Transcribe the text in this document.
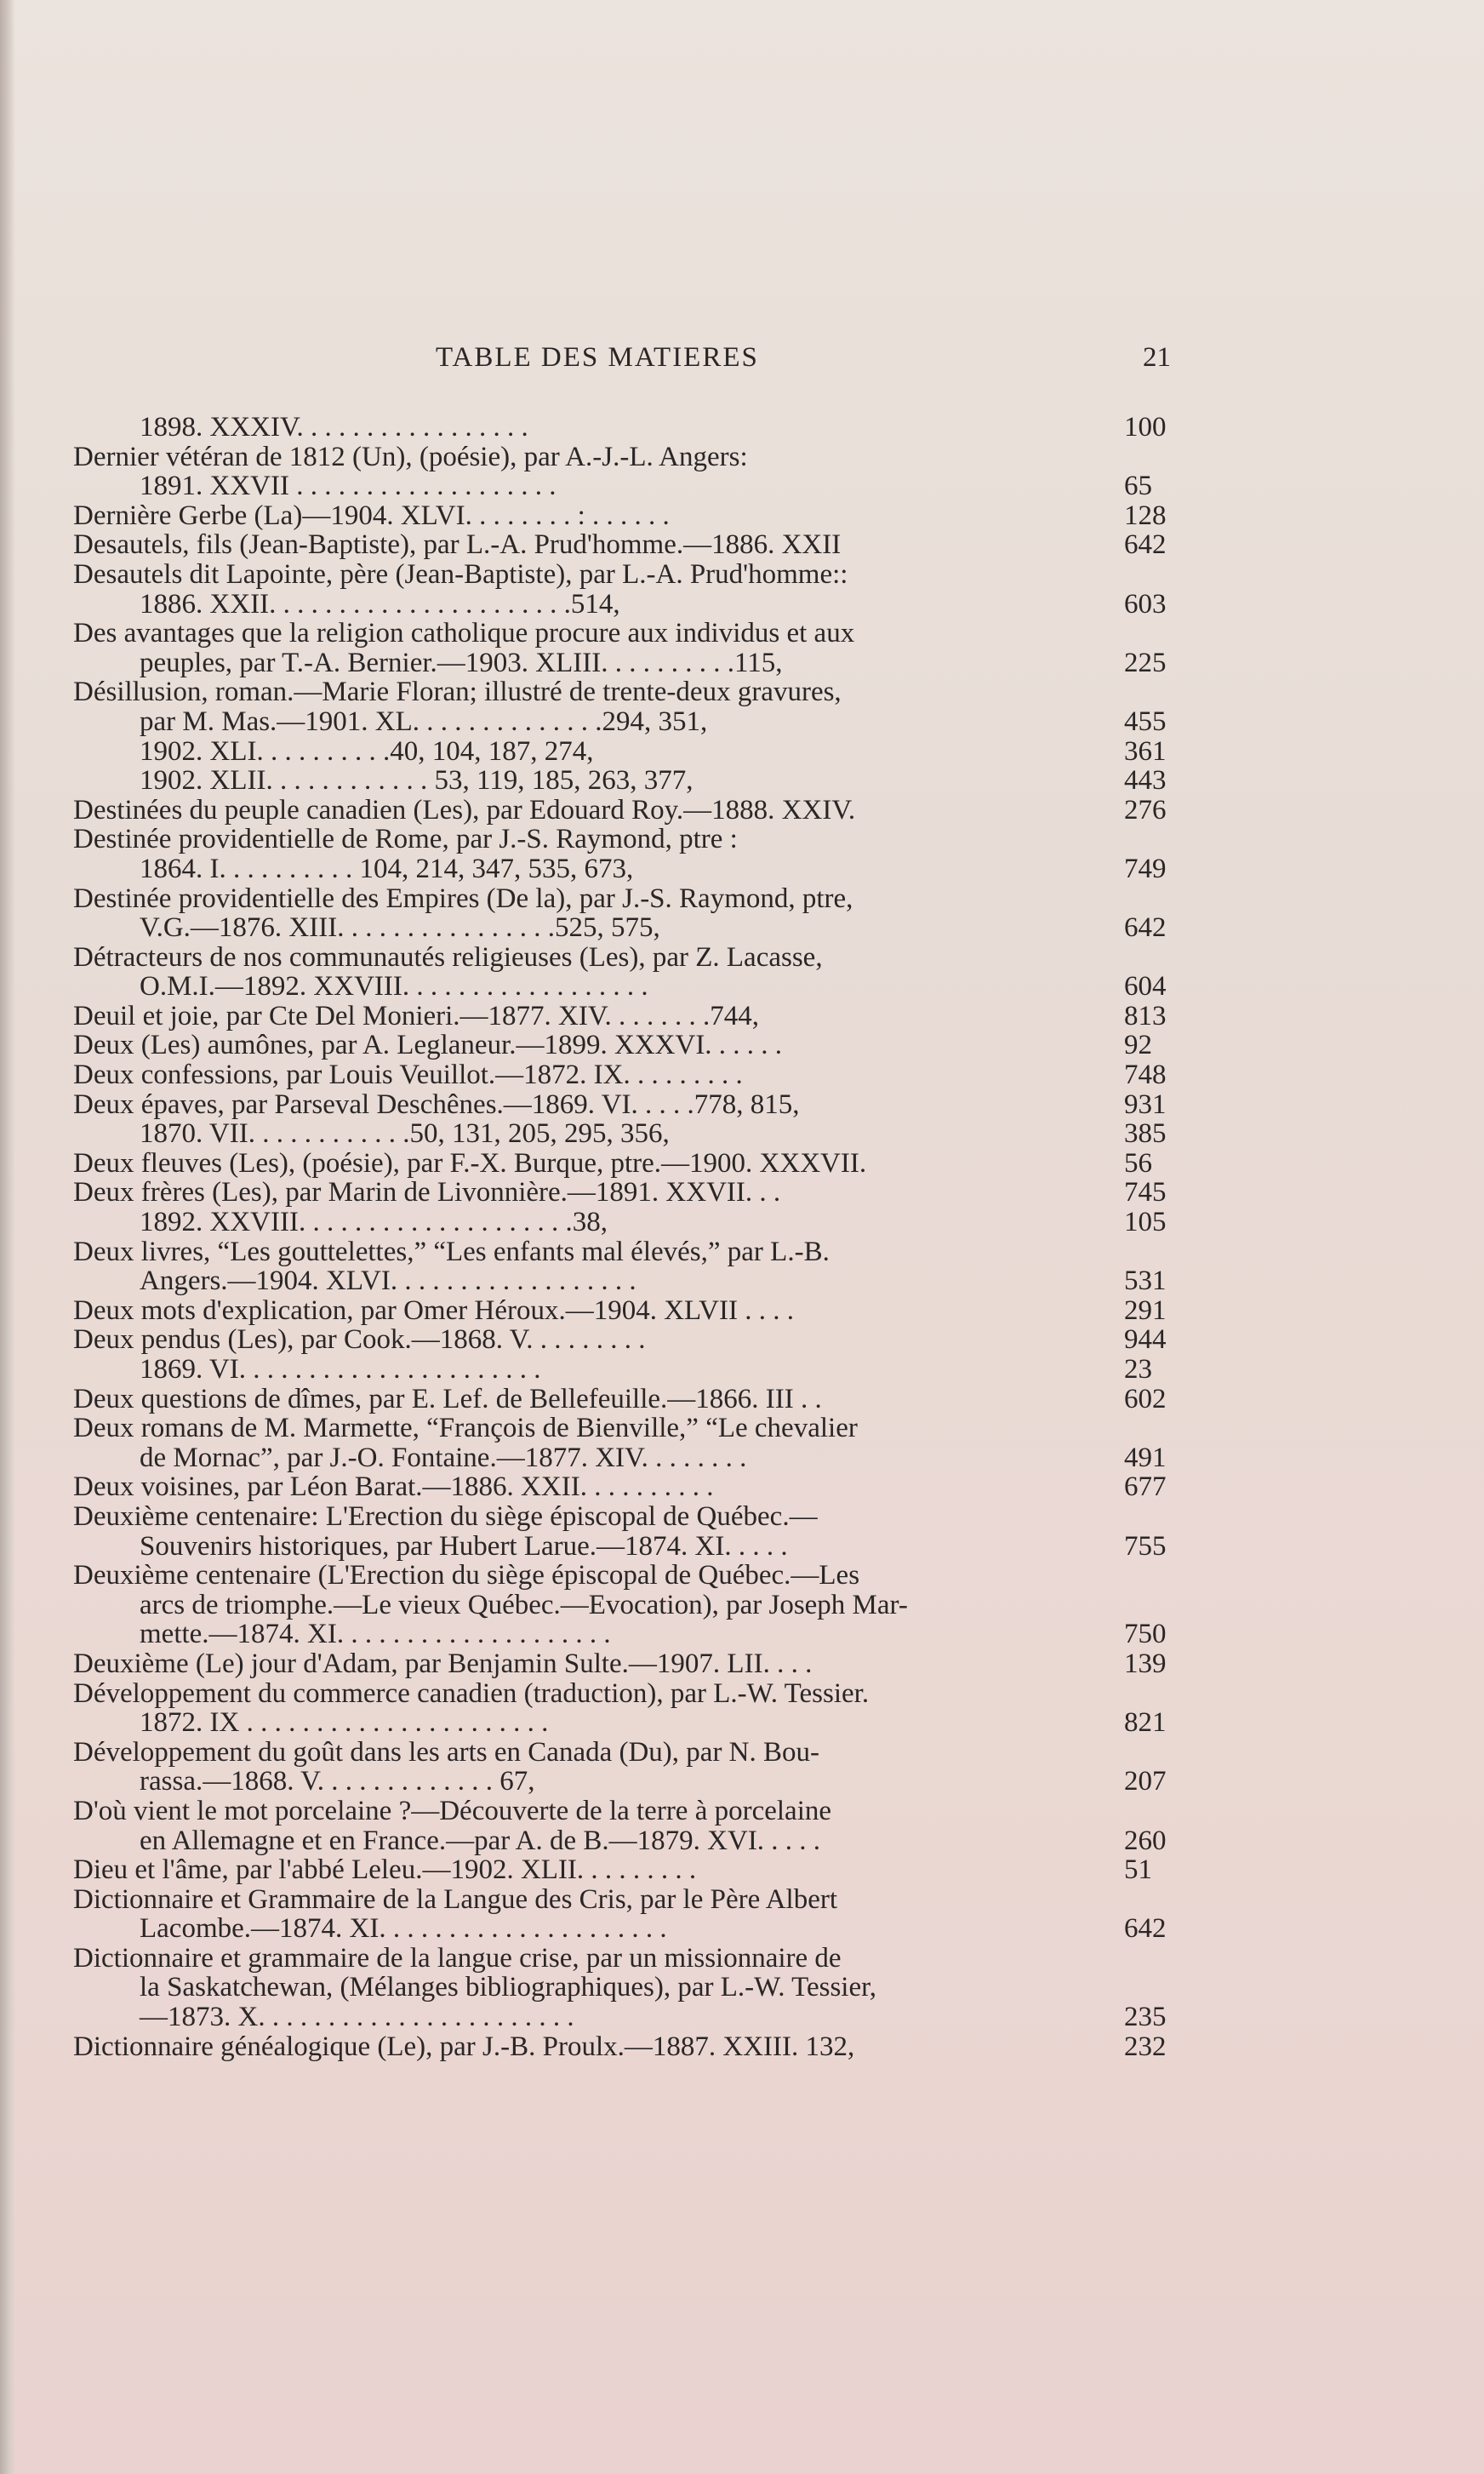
TABLE DES MATIERES	21
1898. XXXIV. . . . . . . . . . . . . . . . .	100
Dernier vétéran de 1812 (Un), (poésie), par A.-J.-L. Angers:
1891. XXVII . . . . . . . . . . . . . . . . . . .	65
Dernière Gerbe (La)—1904. XLVI. . . . . . . . : . . . . . .	128
Desautels, fils (Jean-Baptiste), par L.-A. Prud'homme.—1886. XXII	642
Desautels dit Lapointe, père (Jean-Baptiste), par L.-A. Prud'homme::
1886. XXII. . . . . . . . . . . . . . . . . . . . . .514,	603
Des avantages que la religion catholique procure aux individus et aux
peuples, par T.-A. Bernier.—1903. XLIII. . . . . . . . . .115,	225
Désillusion, roman.—Marie Floran; illustré de trente-deux gravures,
par M. Mas.—1901. XL. . . . . . . . . . . . . .294, 351,	455
1902. XLI. . . . . . . . . .40, 104, 187, 274,	361
1902. XLII. . . . . . . . . . . . 53, 119, 185, 263, 377,	443
Destinées du peuple canadien (Les), par Edouard Roy.—1888. XXIV.	276
Destinée providentielle de Rome, par J.-S. Raymond, ptre :
1864. I. . . . . . . . . . 104, 214, 347, 535, 673,	749
Destinée providentielle des Empires (De la), par J.-S. Raymond, ptre,
V.G.—1876. XIII. . . . . . . . . . . . . . . .525, 575,	642
Détracteurs de nos communautés religieuses (Les), par Z. Lacasse,
O.M.I.—1892. XXVIII. . . . . . . . . . . . . . . . . .	604
Deuil et joie, par Cte Del Monieri.—1877. XIV. . . . . . . .744,	813
Deux (Les) aumônes, par A. Leglaneur.—1899. XXXVI. . . . . .	92
Deux confessions, par Louis Veuillot.—1872. IX. . . . . . . . .	748
Deux épaves, par Parseval Deschênes.—1869. VI. . . . .778, 815,	931
1870. VII. . . . . . . . . . . .50, 131, 205, 295, 356,	385
Deux fleuves (Les), (poésie), par F.-X. Burque, ptre.—1900. XXXVII.	56
Deux frères (Les), par Marin de Livonnière.—1891. XXVII. . .	745
1892. XXVIII. . . . . . . . . . . . . . . . . . . .38,	105
Deux livres, “Les gouttelettes,” “Les enfants mal élevés,” par L.-B.
Angers.—1904. XLVI. . . . . . . . . . . . . . . . . .	531
Deux mots d'explication, par Omer Héroux.—1904. XLVII . . . .	291
Deux pendus (Les), par Cook.—1868. V. . . . . . . . .	944
1869. VI. . . . . . . . . . . . . . . . . . . . . .	23
Deux questions de dîmes, par E. Lef. de Bellefeuille.—1866. III . .	602
Deux romans de M. Marmette, “François de Bienville,” “Le chevalier
de Mornac”, par J.-O. Fontaine.—1877. XIV. . . . . . . .	491
Deux voisines, par Léon Barat.—1886. XXII. . . . . . . . . .	677
Deuxième centenaire: L'Erection du siège épiscopal de Québec.—
Souvenirs historiques, par Hubert Larue.—1874. XI. . . . .	755
Deuxième centenaire (L'Erection du siège épiscopal de Québec.—Les
arcs de triomphe.—Le vieux Québec.—Evocation), par Joseph Mar-
mette.—1874. XI. . . . . . . . . . . . . . . . . . . .	750
Deuxième (Le) jour d'Adam, par Benjamin Sulte.—1907. LII. . . .	139
Développement du commerce canadien (traduction), par L.-W. Tessier.
1872. IX . . . . . . . . . . . . . . . . . . . . . .	821
Développement du goût dans les arts en Canada (Du), par N. Bou-
rassa.—1868. V. . . . . . . . . . . . . 67,	207
D'où vient le mot porcelaine ?—Découverte de la terre à porcelaine
en Allemagne et en France.—par A. de B.—1879. XVI. . . . .	260
Dieu et l'âme, par l'abbé Leleu.—1902. XLII. . . . . . . . .	51
Dictionnaire et Grammaire de la Langue des Cris, par le Père Albert
Lacombe.—1874. XI. . . . . . . . . . . . . . . . . . . . .	642
Dictionnaire et grammaire de la langue crise, par un missionnaire de
la Saskatchewan, (Mélanges bibliographiques), par L.-W. Tessier,
—1873. X. . . . . . . . . . . . . . . . . . . . . . .	235
Dictionnaire généalogique (Le), par J.-B. Proulx.—1887. XXIII. 132,	232
